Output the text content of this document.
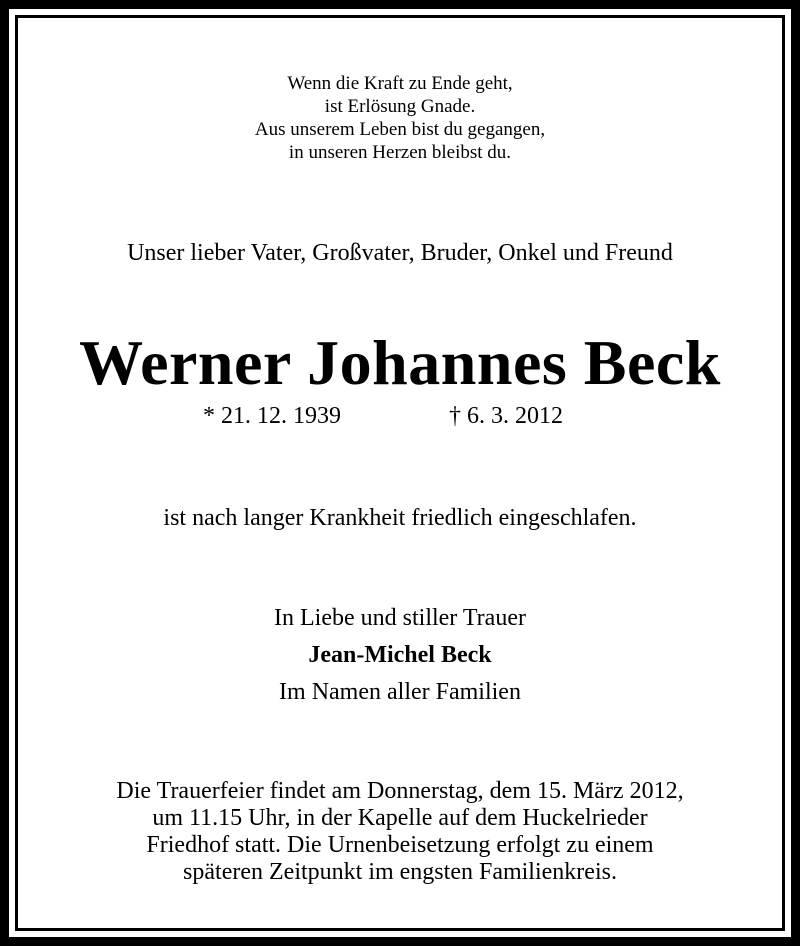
Wenn die Kraft zu Ende geht,
ist Erlösung Gnade.
Aus unserem Leben bist du gegangen,
in unseren Herzen bleibst du.
Unser lieber Vater, Großvater, Bruder, Onkel und Freund
Werner Johannes Beck
* 21. 12. 1939	† 6. 3. 2012
ist nach langer Krankheit friedlich eingeschlafen.
In Liebe und stiller Trauer
Jean-Michel Beck
Im Namen aller Familien
Die Trauerfeier findet am Donnerstag, dem 15. März 2012,
um 11.15 Uhr, in der Kapelle auf dem Huckelrieder
Friedhof statt. Die Urnenbeisetzung erfolgt zu einem
späteren Zeitpunkt im engsten Familienkreis.
